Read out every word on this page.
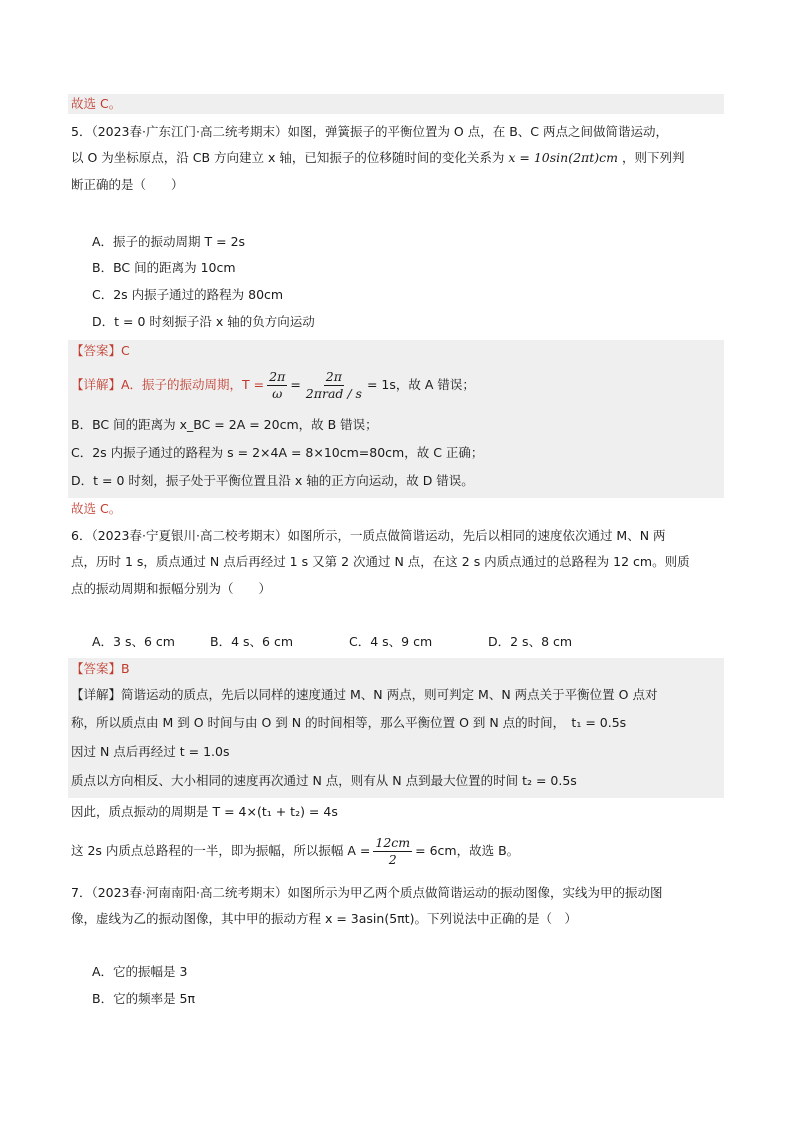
故选 C。
5．（2023春·广东江门·高二统考期末）如图，弹簧振子的平衡位置为 O 点，在 B、C 两点之间做简谐运动，
以 O 为坐标原点，沿 CB 方向建立 x 轴，已知振子的位移随时间的变化关系为 x = 10sin(2πt)cm ，则下列判
断正确的是（　　）
A．振子的振动周期 T = 2s
B．BC 间的距离为 10cm
C．2s 内振子通过的路程为 80cm
D．t = 0 时刻振子沿 x 轴的负方向运动
【答案】C
【详解】A．振子的振动周期，$T = \frac{2\pi}{\omega} = \frac{2\pi}{\text{2πrad / s}} = 1s$，故 A 错误；
B．BC 间的距离为 x_BC = 2A = 20cm，故 B 错误；
C．2s 内振子通过的路程为 s = 2×4A = 8×10cm=80cm，故 C 正确；
D．t = 0 时刻，振子处于平衡位置且沿 x 轴的正方向运动，故 D 错误。
故选 C。
6．（2023春·宁夏银川·高二校考期末）如图所示，一质点做简谐运动，先后以相同的速度依次通过 M、N 两
点，历时 1 s，质点通过 N 点后再经过 1 s 又第 2 次通过 N 点，在这 2 s 内质点通过的总路程为 12 cm。则质
点的振动周期和振幅分别为（　　）
A．3 s、6 cm	B．4 s、6 cm	C．4 s、9 cm	D．2 s、8 cm
【答案】B
【详解】简谐运动的质点，先后以同样的速度通过 M、N 两点，则可判定 M、N 两点关于平衡位置 O 点对
称，所以质点由 M 到 O 时间与由 O 到 N 的时间相等，那么平衡位置 O 到 N 点的时间，　t₁ = 0.5s
因过 N 点后再经过 t = 1.0s
质点以方向相反、大小相同的速度再次通过 N 点，则有从 N 点到最大位置的时间 t₂ = 0.5s
因此，质点振动的周期是 T = 4×(t₁ + t₂) = 4s
这 2s 内质点总路程的一半，即为振幅，所以振幅 $A = \frac{12cm}{2} = 6cm$，故选 B。
7．（2023春·河南南阳·高二统考期末）如图所示为甲乙两个质点做简谐运动的振动图像，实线为甲的振动图
像，虚线为乙的振动图像，其中甲的振动方程 x = 3asin(5πt)。下列说法中正确的是（　）
A．它的振幅是 3
B．它的频率是 5π
